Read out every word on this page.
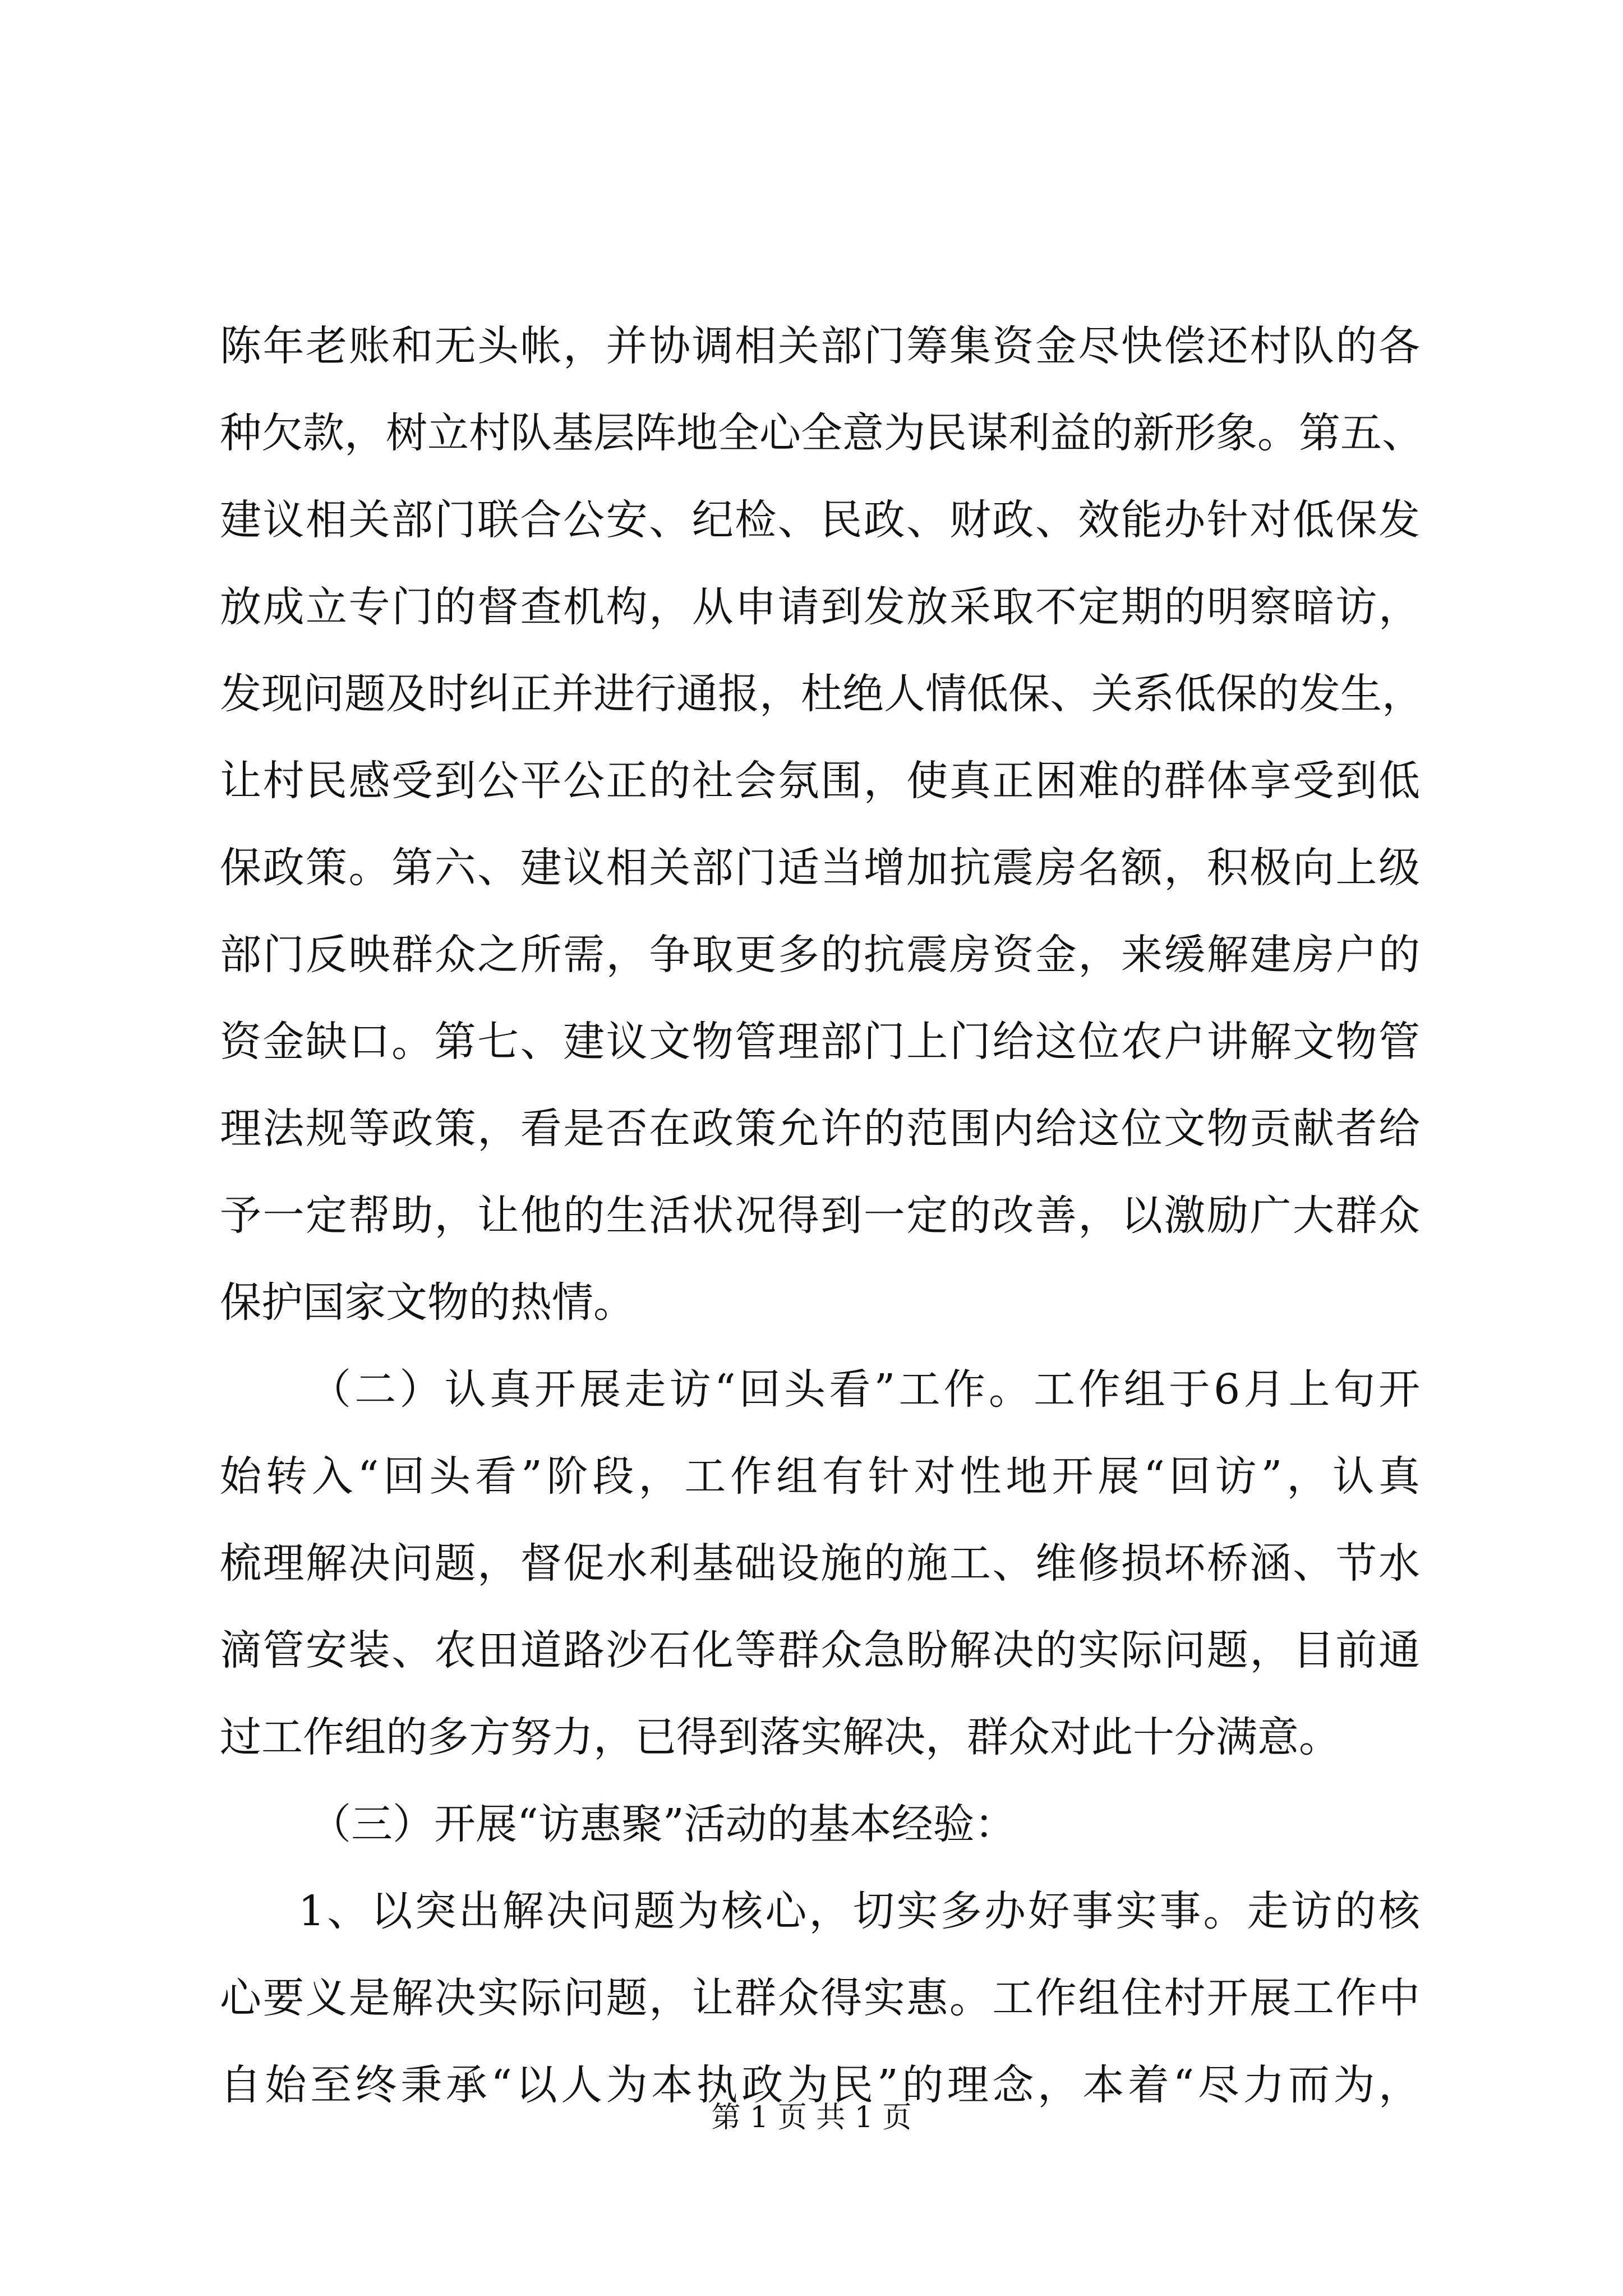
陈年老账和无头帐，并协调相关部门筹集资金尽快偿还村队的各
种欠款，树立村队基层阵地全心全意为民谋利益的新形象。第五、
建议相关部门联合公安、纪检、民政、财政、效能办针对低保发
放成立专门的督查机构，从申请到发放采取不定期的明察暗访，
发现问题及时纠正并进行通报，杜绝人情低保、关系低保的发生，
让村民感受到公平公正的社会氛围，使真正困难的群体享受到低
保政策。第六、建议相关部门适当增加抗震房名额，积极向上级
部门反映群众之所需，争取更多的抗震房资金，来缓解建房户的
资金缺口。第七、建议文物管理部门上门给这位农户讲解文物管
理法规等政策，看是否在政策允许的范围内给这位文物贡献者给
予一定帮助，让他的生活状况得到一定的改善，以激励广大群众
保护国家文物的热情。
（二）认真开展走访“回头看”工作。工作组于6月上旬开
始转入“回头看”阶段，工作组有针对性地开展“回访”，认真
梳理解决问题，督促水利基础设施的施工、维修损坏桥涵、节水
滴管安装、农田道路沙石化等群众急盼解决的实际问题，目前通
过工作组的多方努力，已得到落实解决，群众对此十分满意。
（三）开展“访惠聚”活动的基本经验：
1、以突出解决问题为核心，切实多办好事实事。走访的核
心要义是解决实际问题，让群众得实惠。工作组住村开展工作中
自始至终秉承“以人为本执政为民”的理念，本着“尽力而为，
第 1 页 共 1 页
